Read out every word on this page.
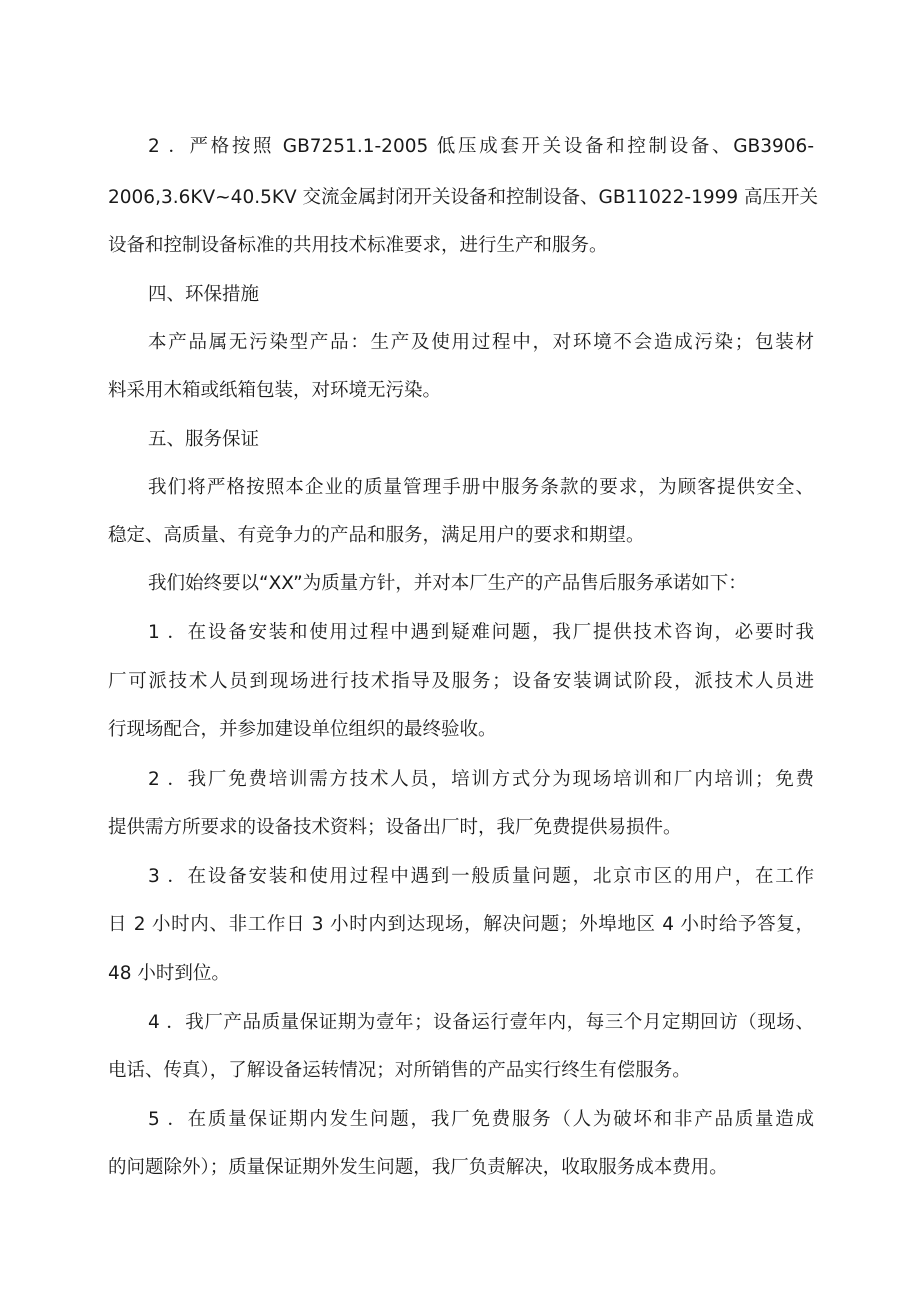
2 ．严格按照 GB7251.1-2005 低压成套开关设备和控制设备、GB3906-
2006,3.6KV~40.5KV 交流金属封闭开关设备和控制设备、GB11022-1999 高压开关
设备和控制设备标准的共用技术标准要求，进行生产和服务。
四、环保措施
本产品属无污染型产品：生产及使用过程中，对环境不会造成污染；包装材
料采用木箱或纸箱包装，对环境无污染。
五、服务保证
我们将严格按照本企业的质量管理手册中服务条款的要求，为顾客提供安全、
稳定、高质量、有竞争力的产品和服务，满足用户的要求和期望。
我们始终要以“XX”为质量方针，并对本厂生产的产品售后服务承诺如下：
1 ．在设备安装和使用过程中遇到疑难问题，我厂提供技术咨询，必要时我
厂可派技术人员到现场进行技术指导及服务；设备安装调试阶段，派技术人员进
行现场配合，并参加建设单位组织的最终验收。
2 ．我厂免费培训需方技术人员，培训方式分为现场培训和厂内培训；免费
提供需方所要求的设备技术资料；设备出厂时，我厂免费提供易损件。
3 ．在设备安装和使用过程中遇到一般质量问题，北京市区的用户，在工作
日 2 小时内、非工作日 3 小时内到达现场，解决问题；外埠地区 4 小时给予答复，
48 小时到位。
4 ．我厂产品质量保证期为壹年；设备运行壹年内，每三个月定期回访（现场、
电话、传真），了解设备运转情况；对所销售的产品实行终生有偿服务。
5 ．在质量保证期内发生问题，我厂免费服务（人为破坏和非产品质量造成
的问题除外）；质量保证期外发生问题，我厂负责解决，收取服务成本费用。
